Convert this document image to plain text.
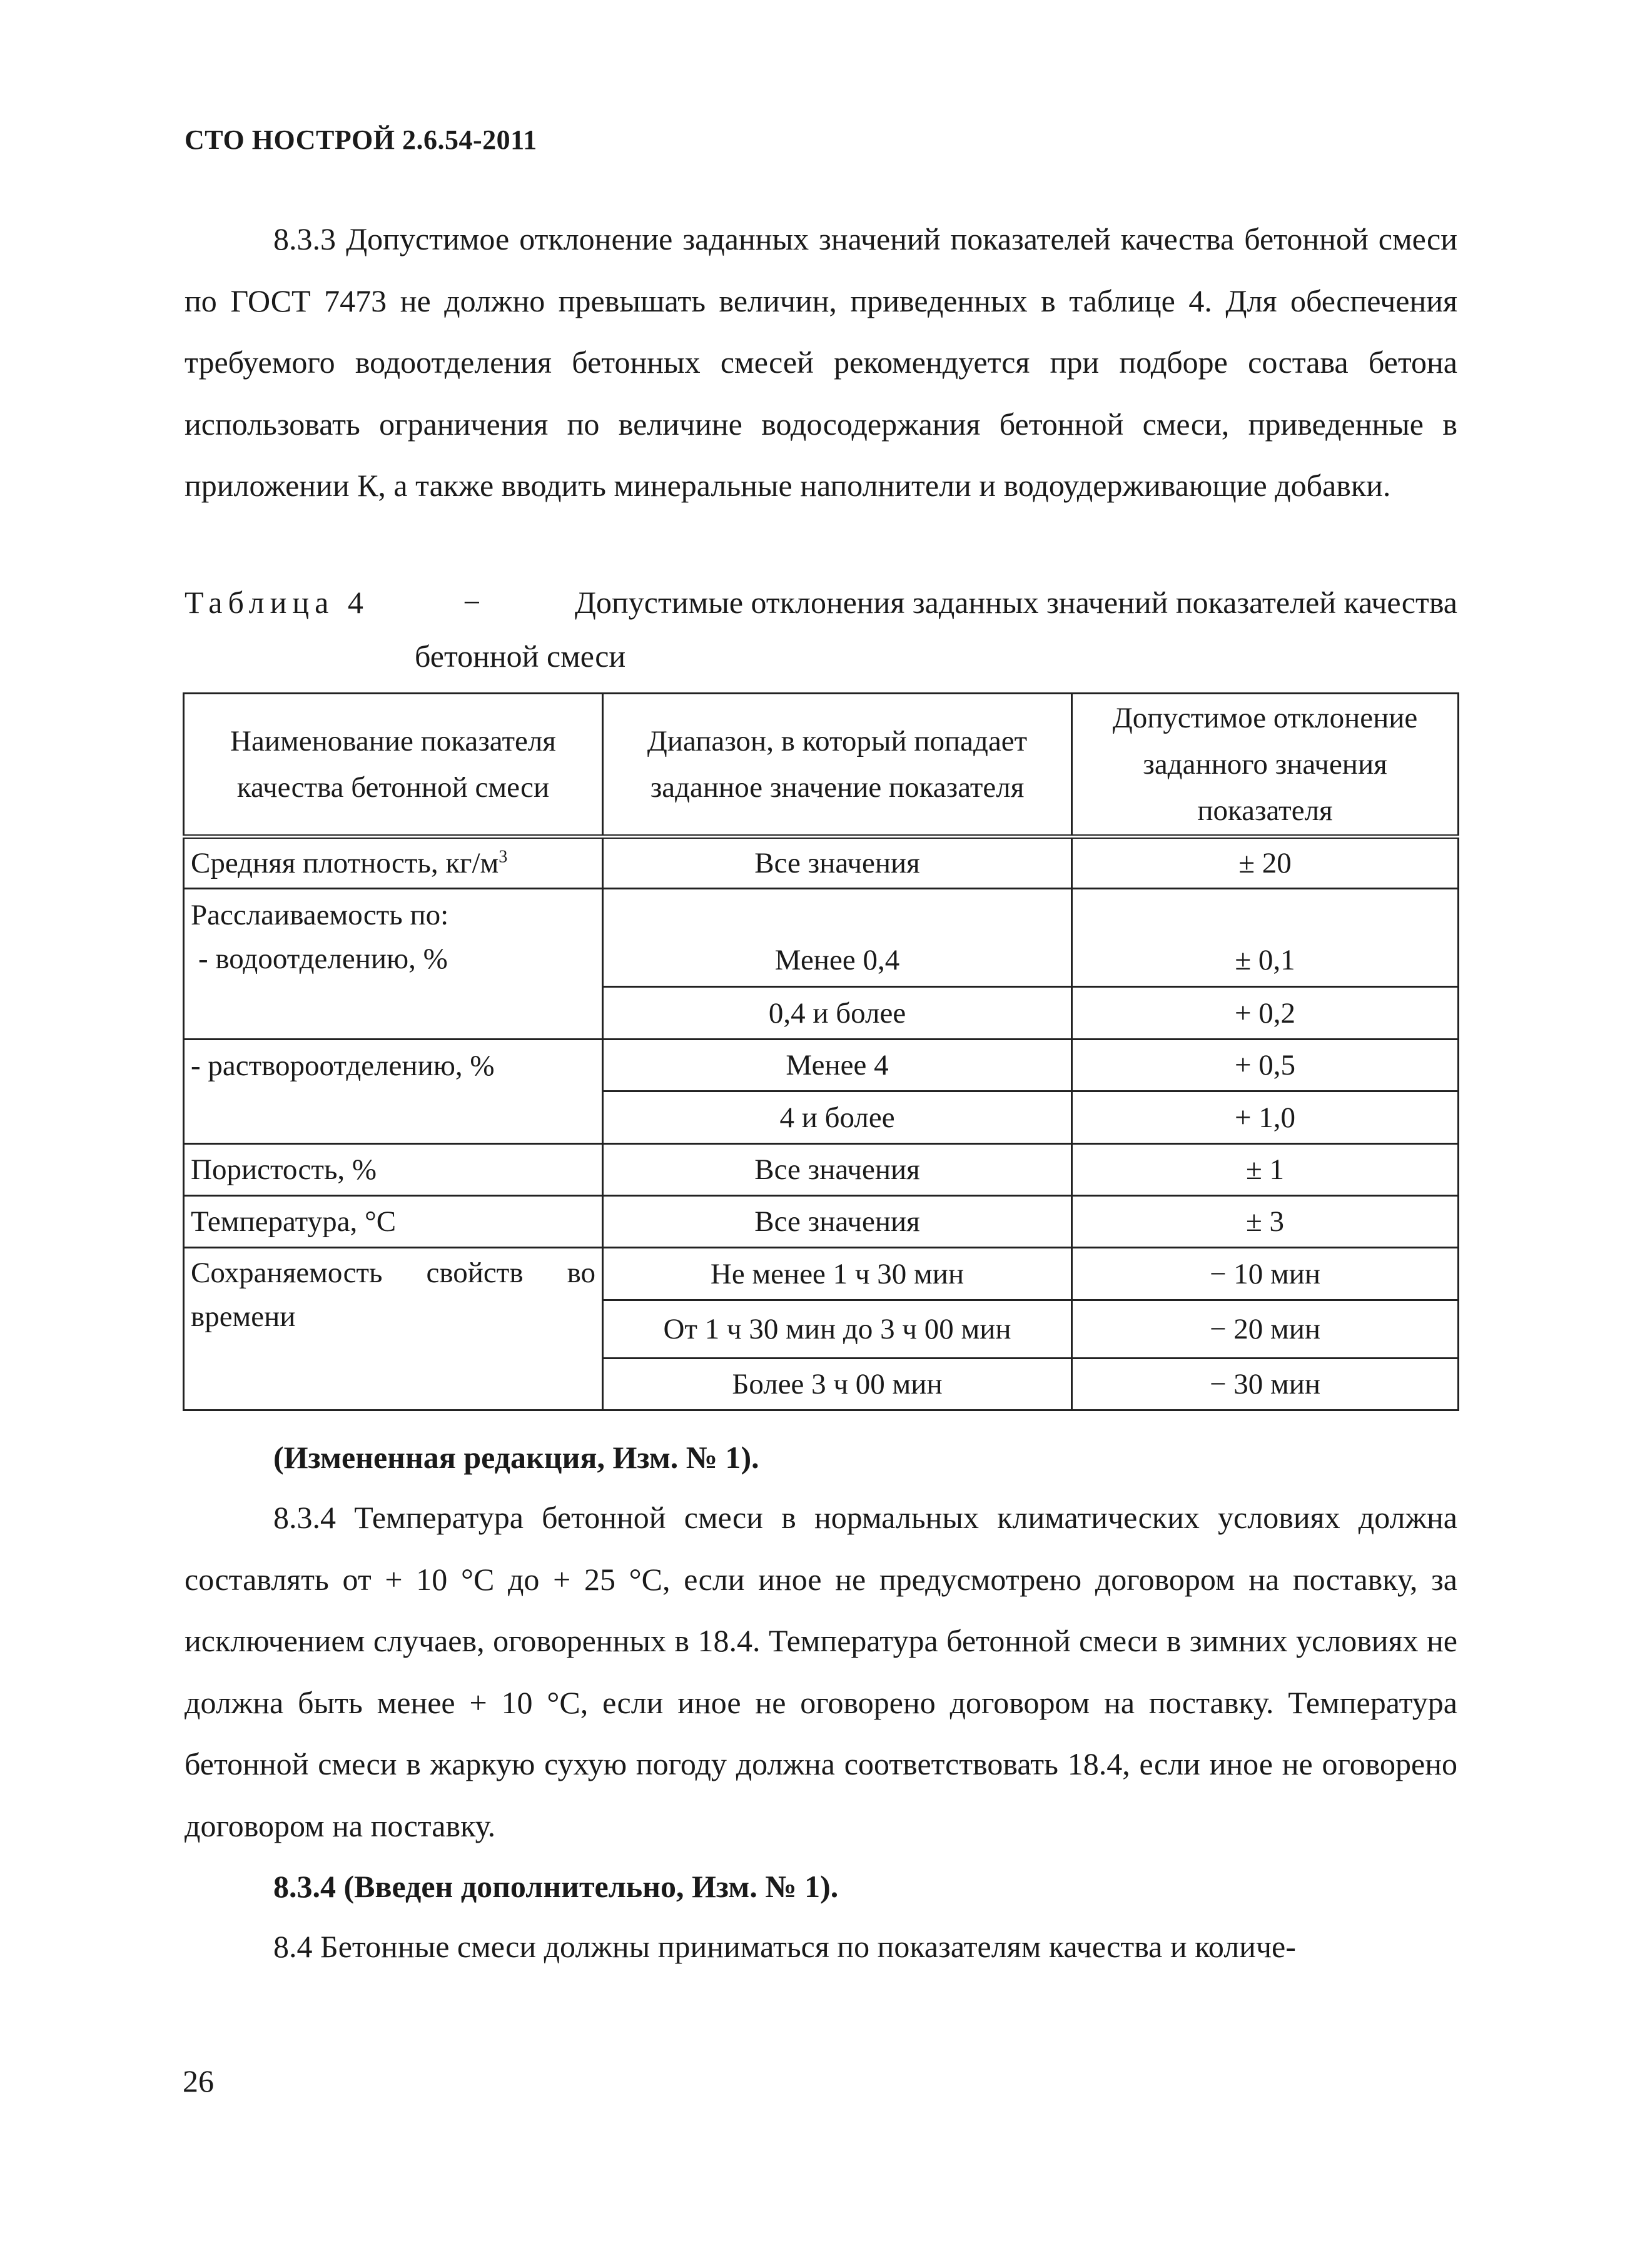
СТО НОСТРОЙ 2.6.54-2011
8.3.3 Допустимое отклонение заданных значений показателей качества бетонной смеси по ГОСТ 7473 не должно превышать величин, приведенных в таблице 4. Для обеспечения требуемого водоотделения бетонных смесей рекомендуется при подборе состава бетона использовать ограничения по величине водосодержания бетонной смеси, приведенные в приложении К, а также вводить минеральные наполнители и водоудерживающие добавки.
Таблица 4	−	Допустимые отклонения заданных значений показателей качества
бетонной смеси
Наименование показателя качества бетонной смеси	Диапазон, в который попадает заданное значение показателя	Допустимое отклонение заданного значения показателя
Средняя плотность, $кг/м^3$	Все значения	± 20

Расслаиваемость по:
- водоотделению, %	Менее 0,4	± 0,1
	0,4 и более	+ 0,2
- раствороотделению, %	Менее 4	+ 0,5
	4 и более	+ 1,0
Пористость, %	Все значения	± 1
Температура, °С	Все значения	± 3

Сохраняемость свойств во
времени	Не менее 1 ч 30 мин	− 10 мин
	От 1 ч 30 мин до 3 ч 00 мин	− 20 мин
	Более 3 ч 00 мин	− 30 мин
(Измененная редакция, Изм. № 1).
8.3.4 Температура бетонной смеси в нормальных климатических условиях должна составлять от + 10 °С до + 25 °С, если иное не предусмотрено договором на поставку, за исключением случаев, оговоренных в 18.4. Температура бетонной смеси в зимних условиях не должна быть менее + 10 °С, если иное не оговорено договором на поставку. Температура бетонной смеси в жаркую сухую погоду должна соответствовать 18.4, если иное не оговорено договором на поставку.
8.3.4 (Введен дополнительно, Изм. № 1).
8.4 Бетонные смеси должны приниматься по показателям качества и количе-
26
